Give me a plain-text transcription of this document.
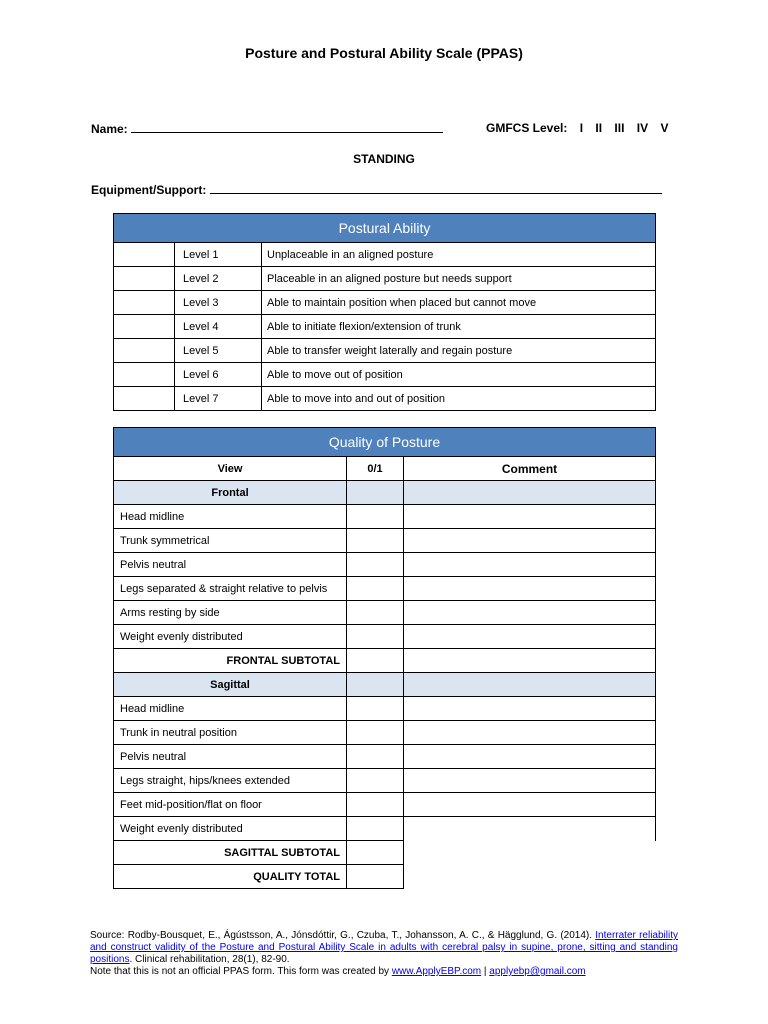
Posture and Postural Ability Scale (PPAS)
Name:	GMFCS Level: I II III IV V
STANDING
Equipment/Support:
Postural Ability		
	Level 1	Unplaceable in an aligned posture
	Level 2	Placeable in an aligned posture but needs support
	Level 3	Able to maintain position when placed but cannot move
	Level 4	Able to initiate flexion/extension of trunk
	Level 5	Able to transfer weight laterally and regain posture
	Level 6	Able to move out of position
	Level 7	Able to move into and out of position
Quality of Posture		
View	0/1	Comment
Frontal		
Head midline		
Trunk symmetrical		
Pelvis neutral		
Legs separated & straight relative to pelvis		
Arms resting by side		
Weight evenly distributed		
FRONTAL SUBTOTAL		
Sagittal		
Head midline		
Trunk in neutral position		
Pelvis neutral		
Legs straight, hips/knees extended		
Feet mid-position/flat on floor		
Weight evenly distributed		
SAGITTAL SUBTOTAL		
QUALITY TOTAL		
Source: Rodby-Bousquet, E., Ágústsson, A., Jónsdóttir, G., Czuba, T., Johansson, A. C., & Hägglund, G. (2014). Interrater reliability and construct validity of the Posture and Postural Ability Scale in adults with cerebral palsy in supine, prone, sitting and standing positions. Clinical rehabilitation, 28(1), 82-90.
Note that this is not an official PPAS form. This form was created by www.ApplyEBP.com | applyebp@gmail.com
